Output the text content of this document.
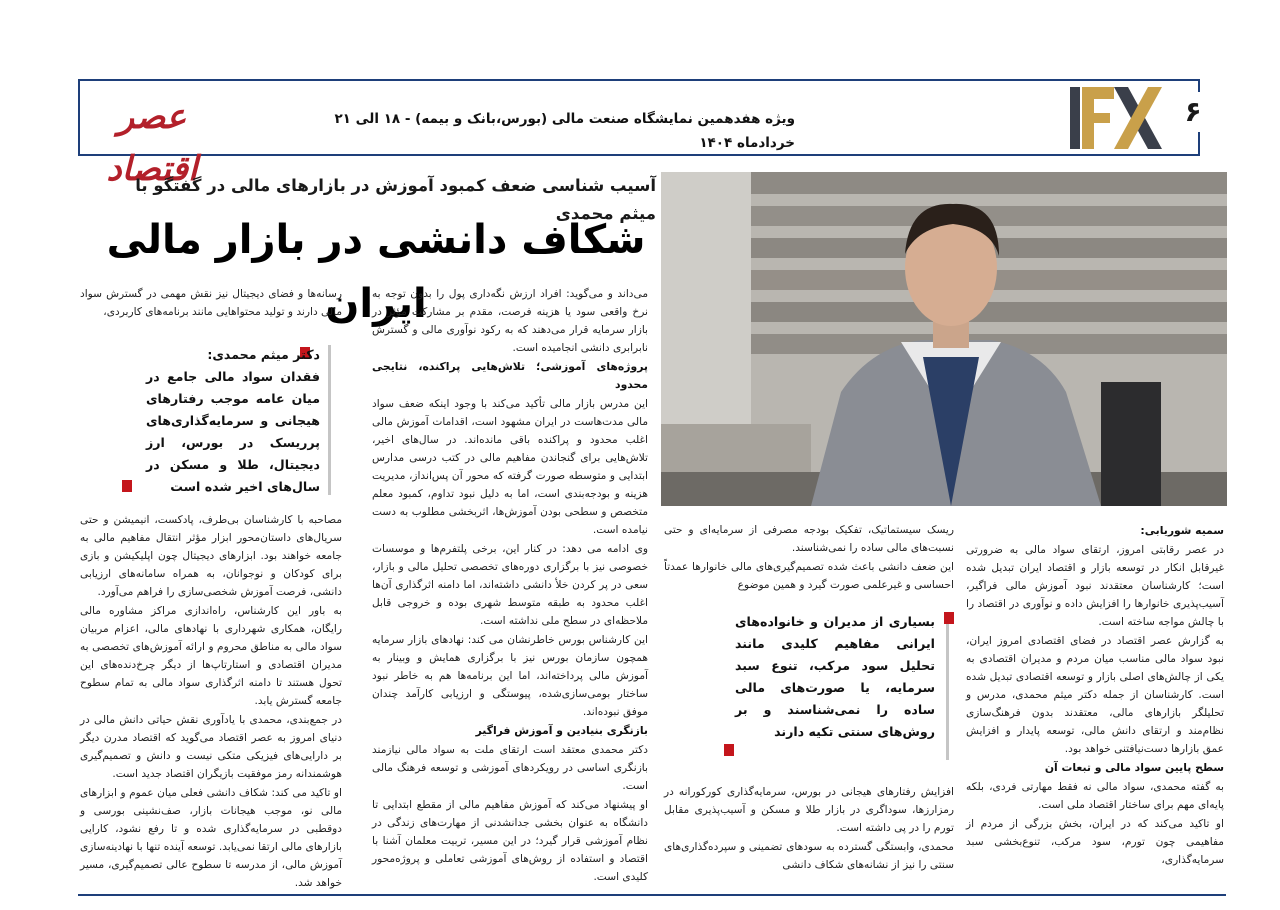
عصر اقتصاد
ویژه هفدهمین نمایشگاه صنعت مالی (بورس،بانک و بیمه) - ۱۸ الی ۲۱ خردادماه ۱۴۰۴
۶
آسیب شناسی ضعف کمبود آموزش در بازارهای مالی در گفتگو با میثم محمدی
شکاف دانشی در بازار مالی ایران
سمیه شوریابی:

در عصر رقابتی امروز، ارتقای سواد مالی به ضرورتی غیرقابل انکار در توسعه بازار و اقتصاد ایران تبدیل شده است؛ کارشناسان معتقدند نبود آموزش مالی فراگیر، آسیب‌پذیری خانوارها را افزایش داده و نوآوری در اقتصاد را با چالش مواجه ساخته است.

به گزارش عصر اقتصاد در فضای اقتصادی امروز ایران، نبود سواد مالی مناسب میان مردم و مدیران اقتصادی به یکی از چالش‌های اصلی بازار و توسعه اقتصادی تبدیل شده است. کارشناسان از جمله دکتر میثم محمدی، مدرس و تحلیلگر بازارهای مالی، معتقدند بدون فرهنگ‌سازی نظام‌مند و ارتقای دانش مالی، توسعه پایدار و افزایش عمق بازارها دست‌نیافتنی خواهد بود.

سطح پایین سواد مالی و تبعات آن

به گفته محمدی، سواد مالی نه فقط مهارتی فردی، بلکه پایه‌ای مهم برای ساختار اقتصاد ملی است.

او تاکید می‌کند که در ایران، بخش بزرگی از مردم از مفاهیمی چون تورم، سود مرکب، تنوع‌بخشی سبد سرمایه‌گذاری،

ریسک سیستماتیک، تفکیک بودجه مصرفی از سرمایه‌ای و حتی نسبت‌های مالی ساده را نمی‌شناسند.

این ضعف دانشی باعث شده تصمیم‌گیری‌های مالی خانوارها عمدتاً احساسی و غیرعلمی صورت گیرد و همین موضوع

بسیاری از مدیران و خانواده‌های ایرانی مفاهیم کلیدی مانند تحلیل سود مرکب، تنوع سبد سرمایه، یا صورت‌های مالی ساده را نمی‌شناسند و بر روش‌های سنتی تکیه دارند

افزایش رفتارهای هیجانی در بورس، سرمایه‌گذاری کورکورانه در رمزارزها، سوداگری در بازار طلا و مسکن و آسیب‌پذیری مقابل تورم را در پی داشته است.

محمدی، وابستگی گسترده به سودهای تضمینی و سپرده‌گذاری‌های سنتی را نیز از نشانه‌های شکاف دانشی

می‌داند و می‌گوید: افراد ارزش نگه‌داری پول را بدون توجه به نرخ واقعی سود یا هزینه فرصت، مقدم بر مشارکت مؤثر در بازار سرمایه قرار می‌دهند که به رکود نوآوری مالی و گسترش نابرابری دانشی انجامیده است.

پروژه‌های آموزشی؛ تلاش‌هایی پراکنده، نتایجی محدود

این مدرس بازار مالی تأکید می‌کند با وجود اینکه ضعف سواد مالی مدت‌هاست در ایران مشهود است، اقدامات آموزش مالی اغلب محدود و پراکنده باقی مانده‌اند. در سال‌های اخیر، تلاش‌هایی برای گنجاندن مفاهیم مالی در کتب درسی مدارس ابتدایی و متوسطه صورت گرفته که محور آن پس‌انداز، مدیریت هزینه و بودجه‌بندی است، اما به دلیل نبود تداوم، کمبود معلم متخصص و سطحی بودن آموزش‌ها، اثربخشی مطلوب به دست نیامده است.

وی ادامه می دهد: در کنار این، برخی پلتفرم‌ها و موسسات خصوصی نیز با برگزاری دوره‌های تخصصی تحلیل مالی و بازار، سعی در پر کردن خلأ دانشی داشته‌اند، اما دامنه اثرگذاری آن‌ها اغلب محدود به طبقه متوسط شهری بوده و خروجی قابل ملاحظه‌ای در سطح ملی نداشته است.

این کارشناس بورس خاطرنشان می کند: نهادهای بازار سرمایه همچون سازمان بورس نیز با برگزاری همایش و وبینار به آموزش مالی پرداخته‌اند، اما این برنامه‌ها هم به خاطر نبود ساختار بومی‌سازی‌شده، پیوستگی و ارزیابی کارآمد چندان موفق نبوده‌اند.

بازنگری بنیادین و آموزش فراگیر

دکتر محمدی معتقد است ارتقای ملت به سواد مالی نیازمند بازنگری اساسی در رویکردهای آموزشی و توسعه فرهنگ مالی است.

او پیشنهاد می‌کند که آموزش مفاهیم مالی از مقطع ابتدایی تا دانشگاه به عنوان بخشی جدانشدنی از مهارت‌های زندگی در نظام آموزشی قرار گیرد؛ در این مسیر، تربیت معلمان آشنا با اقتصاد و استفاده از روش‌های آموزشی تعاملی و پروژه‌محور کلیدی است.

رسانه‌ها و فضای دیجیتال نیز نقش مهمی در گسترش سواد مالی دارند و تولید محتواهایی مانند برنامه‌های کاربردی،

دکتر میثم محمدی:
فقدان سواد مالی جامع در میان عامه موجب رفتارهای هیجانی و سرمایه‌گذاری‌های پرریسک در بورس، ارز دیجیتال، طلا و مسکن در سال‌های اخیر شده است

مصاحبه با کارشناسان بی‌طرف، پادکست، انیمیشن و حتی سریال‌های داستان‌محور ابزار مؤثر انتقال مفاهیم مالی به جامعه خواهند بود. ابزارهای دیجیتال چون اپلیکیشن و بازی برای کودکان و نوجوانان، به همراه سامانه‌های ارزیابی دانشی، فرصت آموزش شخصی‌سازی را فراهم می‌آورد.

به باور این کارشناس، راه‌اندازی مراکز مشاوره مالی رایگان، همکاری شهرداری با نهادهای مالی، اعزام مربیان سواد مالی به مناطق محروم و ارائه آموزش‌های تخصصی به مدیران اقتصادی و استارتاپ‌ها از دیگر چرخ‌دنده‌های این تحول هستند تا دامنه اثرگذاری سواد مالی به تمام سطوح جامعه گسترش یابد.

در جمع‌بندی، محمدی با یادآوری نقش حیاتی دانش مالی در دنیای امروز به عصر اقتصاد می‌گوید که اقتصاد مدرن دیگر بر دارایی‌های فیزیکی متکی نیست و دانش و تصمیم‌گیری هوشمندانه رمز موفقیت بازیگران اقتصاد جدید است.

او تاکید می کند: شکاف دانشی فعلی میان عموم و ابزارهای مالی نو، موجب هیجانات بازار، صف‌نشینی بورسی و دوقطبی در سرمایه‌گذاری شده و تا رفع نشود، کارایی بازارهای مالی ارتقا نمی‌یابد. توسعه آینده تنها با نهادینه‌سازی آموزش مالی، از مدرسه تا سطوح عالی تصمیم‌گیری، مسیر خواهد شد.
